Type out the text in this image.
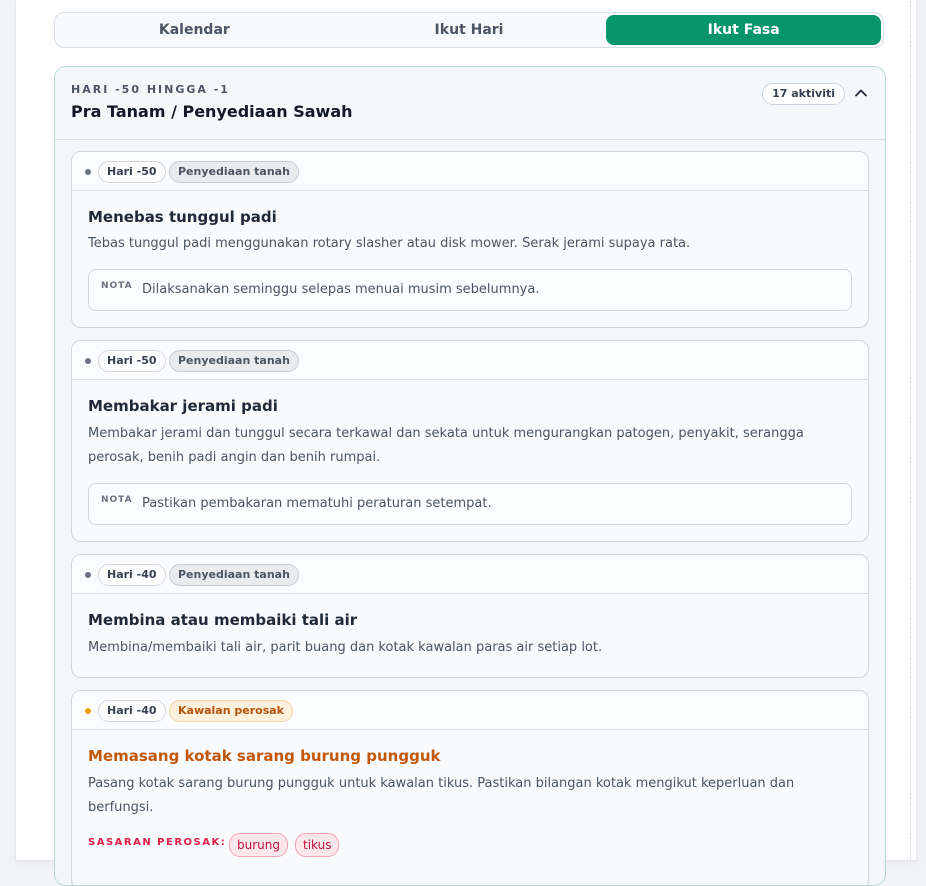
Kalendar	Ikut Hari	Ikut Fasa
HARI -50 HINGGA -1
Pra Tanam / Penyediaan Sawah
17 aktiviti
Hari -50	Penyediaan tanah
Menebas tunggul padi
Tebas tunggul padi menggunakan rotary slasher atau disk mower. Serak jerami supaya rata.
NOTA Dilaksanakan seminggu selepas menuai musim sebelumnya.
Hari -50	Penyediaan tanah
Membakar jerami padi
Membakar jerami dan tunggul secara terkawal dan sekata untuk mengurangkan patogen, penyakit, serangga perosak, benih padi angin dan benih rumpai.
NOTA Pastikan pembakaran mematuhi peraturan setempat.
Hari -40	Penyediaan tanah
Membina atau membaiki tali air
Membina/membaiki tali air, parit buang dan kotak kawalan paras air setiap lot.
Hari -40	Kawalan perosak
Memasang kotak sarang burung pungguk
Pasang kotak sarang burung pungguk untuk kawalan tikus. Pastikan bilangan kotak mengikut keperluan dan berfungsi.
SASARAN PEROSAK: burung	tikus
